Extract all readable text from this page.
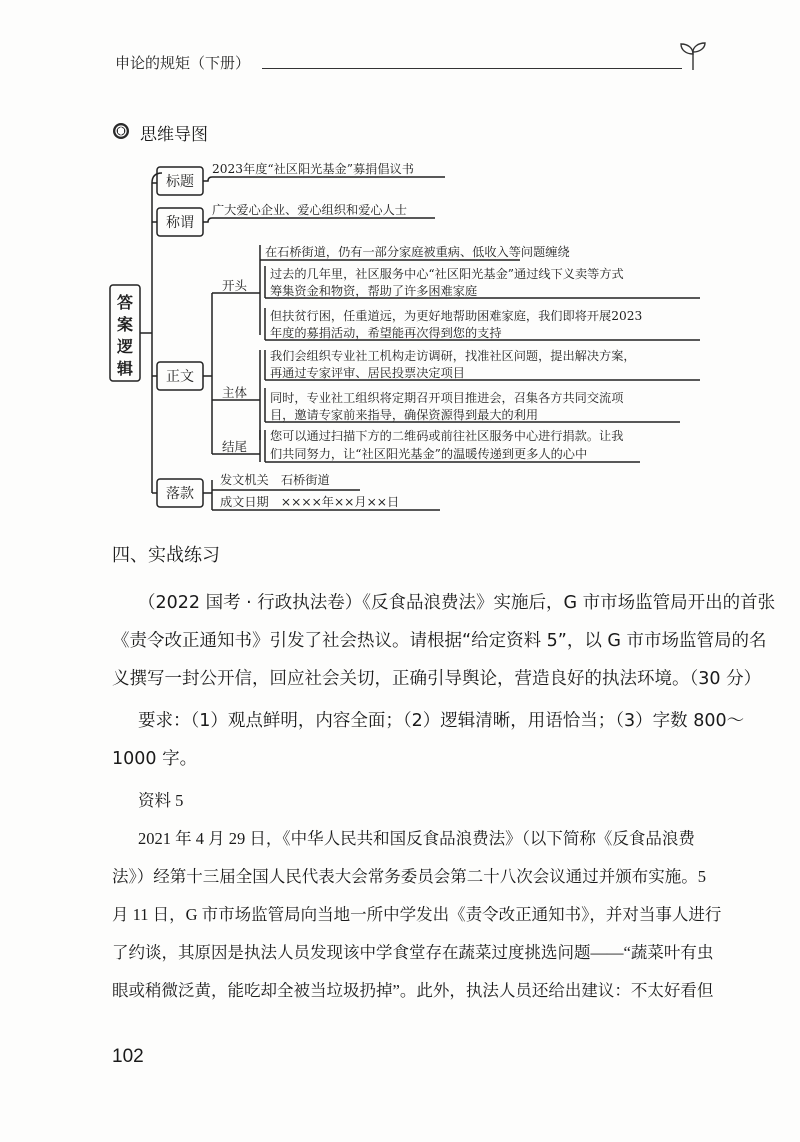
申论的规矩（下册）
思维导图
答
案
逻
辑
标题
称谓
正文
落款
开头
主体
结尾
2023年度“社区阳光基金”募捐倡议书
广大爱心企业、爱心组织和爱心人士
在石桥街道，仍有一部分家庭被重病、低收入等问题缠绕
过去的几年里，社区服务中心“社区阳光基金”通过线下义卖等方式
筹集资金和物资，帮助了许多困难家庭
但扶贫行困，任重道远，为更好地帮助困难家庭，我们即将开展2023
年度的募捐活动，希望能再次得到您的支持
我们会组织专业社工机构走访调研，找准社区问题，提出解决方案，
再通过专家评审、居民投票决定项目
同时，专业社工组织将定期召开项目推进会，召集各方共同交流项
目，邀请专家前来指导，确保资源得到最大的利用
您可以通过扫描下方的二维码或前往社区服务中心进行捐款。让我
们共同努力，让“社区阳光基金”的温暖传递到更多人的心中
发文机关　石桥街道
成文日期　××××年××月××日
四、实战练习
（2022 国考 · 行政执法卷）《反食品浪费法》实施后，G 市市场监管局开出的首张
《责令改正通知书》引发了社会热议。请根据“给定资料 5”，以 G 市市场监管局的名
义撰写一封公开信，回应社会关切，正确引导舆论，营造良好的执法环境。（30 分）
要求：（1）观点鲜明，内容全面；（2）逻辑清晰，用语恰当；（3）字数 800～
1000 字。
资料 5
2021 年 4 月 29 日，《中华人民共和国反食品浪费法》（以下简称《反食品浪费
法》）经第十三届全国人民代表大会常务委员会第二十八次会议通过并颁布实施。5
月 11 日，G 市市场监管局向当地一所中学发出《责令改正通知书》，并对当事人进行
了约谈，其原因是执法人员发现该中学食堂存在蔬菜过度挑选问题——“蔬菜叶有虫
眼或稍微泛黄，能吃却全被当垃圾扔掉”。此外，执法人员还给出建议：不太好看但
102
